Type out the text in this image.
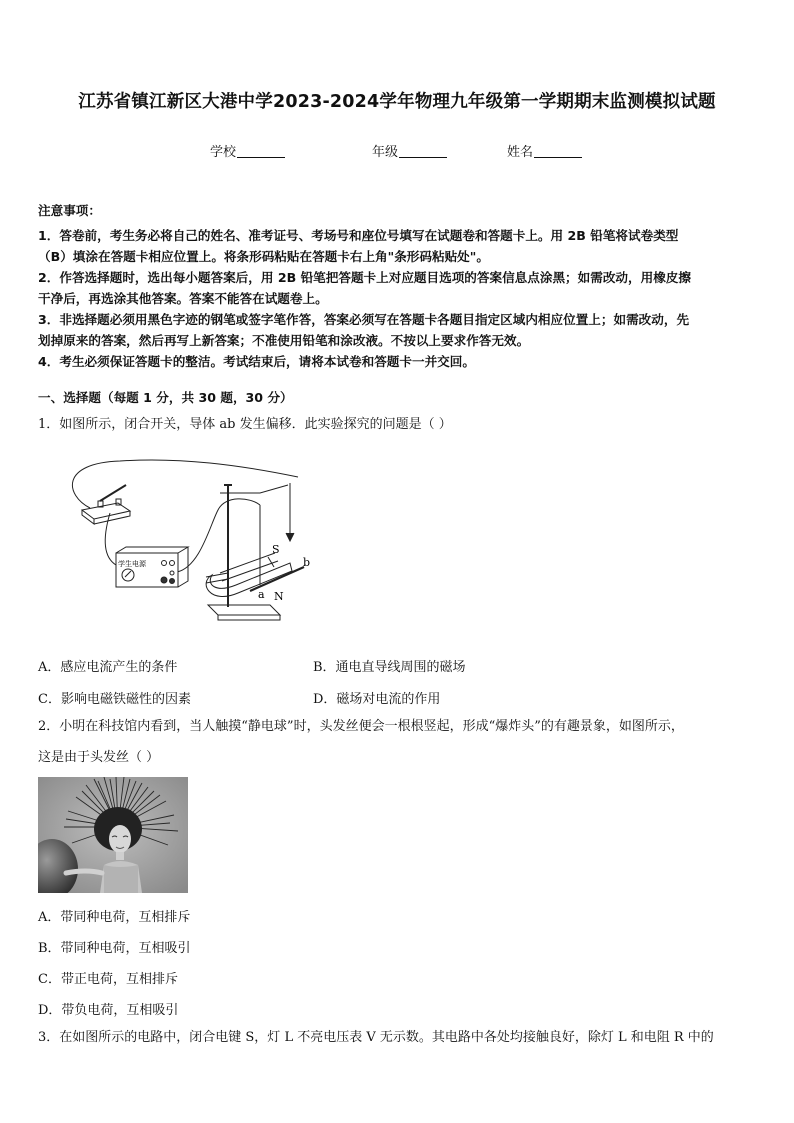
江苏省镇江新区大港中学2023-2024学年物理九年级第一学期期末监测模拟试题
学校	年级	姓名
注意事项：
1．答卷前，考生务必将自己的姓名、准考证号、考场号和座位号填写在试题卷和答题卡上。用 2B 铅笔将试卷类型
（B）填涂在答题卡相应位置上。将条形码粘贴在答题卡右上角"条形码粘贴处"。
2．作答选择题时，选出每小题答案后，用 2B 铅笔把答题卡上对应题目选项的答案信息点涂黑；如需改动，用橡皮擦
干净后，再选涂其他答案。答案不能答在试题卷上。
3．非选择题必须用黑色字迹的钢笔或签字笔作答，答案必须写在答题卡各题目指定区域内相应位置上；如需改动，先
划掉原来的答案，然后再写上新答案；不准使用铅笔和涂改液。不按以上要求作答无效。
4．考生必须保证答题卡的整洁。考试结束后，请将本试卷和答题卡一并交回。
一、选择题（每题 1 分，共 30 题，30 分）
1．如图所示，闭合开关，导体 ab 发生偏移．此实验探究的问题是（ ）
学生电源
S
b
a N
A．感应电流产生的条件	B．通电直导线周围的磁场
C．影响电磁铁磁性的因素	D．磁场对电流的作用
2．小明在科技馆内看到，当人触摸“静电球”时，头发丝便会一根根竖起，形成“爆炸头”的有趣景象，如图所示，
这是由于头发丝（ ）
A．带同种电荷，互相排斥
B．带同种电荷，互相吸引
C．带正电荷，互相排斥
D．带负电荷，互相吸引
3．在如图所示的电路中，闭合电键 S，灯 L 不亮电压表 V 无示数。其电路中各处均接触良好，除灯 L 和电阻 R 中的
